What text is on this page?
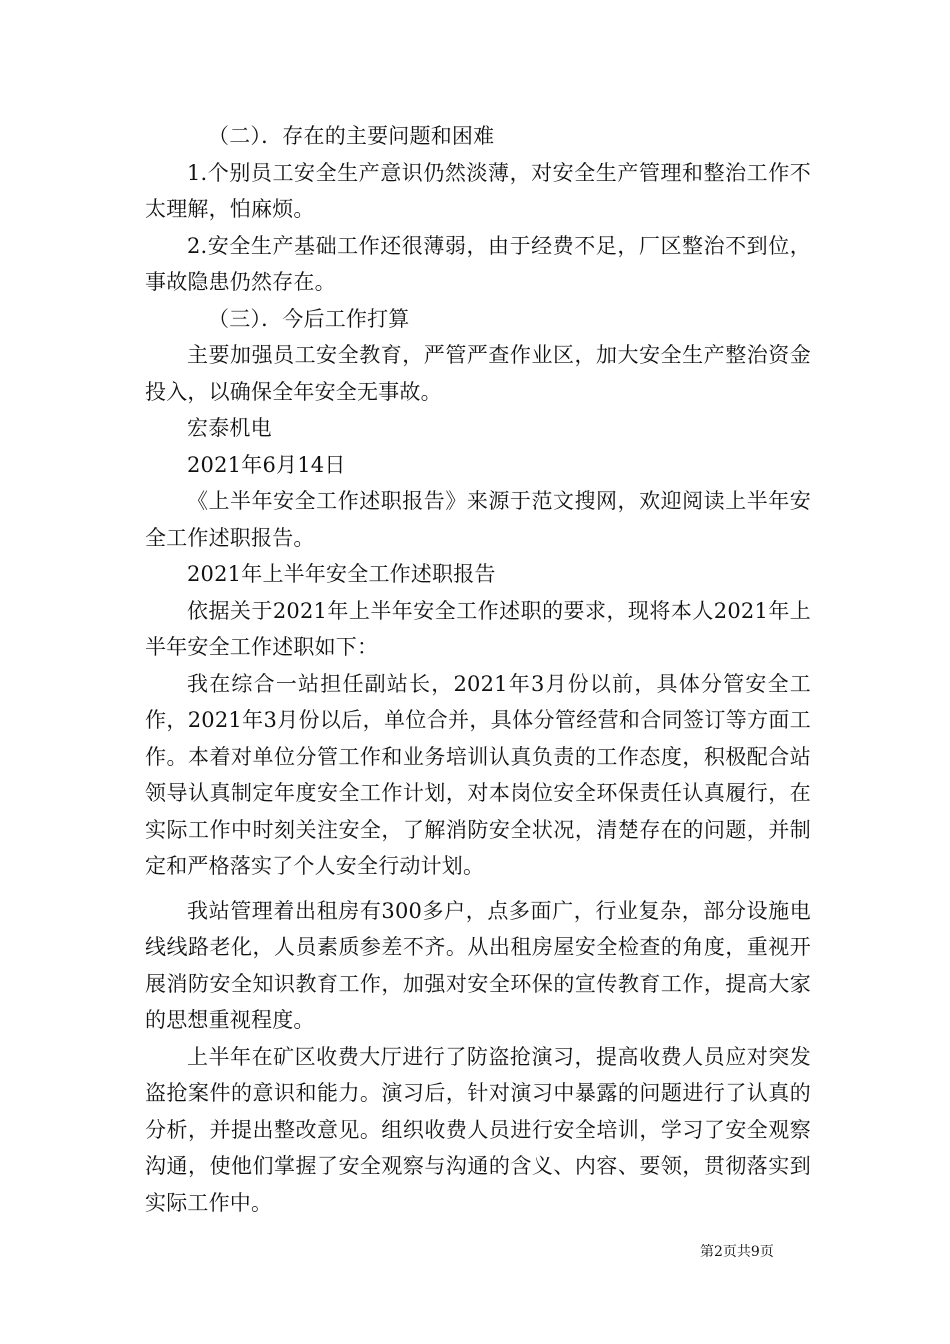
（二）．存在的主要问题和困难

1.个别员工安全生产意识仍然淡薄，对安全生产管理和整治工作不太理解，怕麻烦。

2.安全生产基础工作还很薄弱，由于经费不足，厂区整治不到位，事故隐患仍然存在。

（三）．今后工作打算

主要加强员工安全教育，严管严查作业区，加大安全生产整治资金投入，以确保全年安全无事故。

宏泰机电

2021年6月14日

《上半年安全工作述职报告》来源于范文搜网，欢迎阅读上半年安全工作述职报告。

2021年上半年安全工作述职报告

依据关于2021年上半年安全工作述职的要求，现将本人2021年上半年安全工作述职如下：

我在综合一站担任副站长，2021年3月份以前，具体分管安全工作，2021年3月份以后，单位合并，具体分管经营和合同签订等方面工作。本着对单位分管工作和业务培训认真负责的工作态度，积极配合站领导认真制定年度安全工作计划，对本岗位安全环保责任认真履行，在实际工作中时刻关注安全，了解消防安全状况，清楚存在的问题，并制定和严格落实了个人安全行动计划。

我站管理着出租房有300多户，点多面广，行业复杂，部分设施电线线路老化，人员素质参差不齐。从出租房屋安全检查的角度，重视开展消防安全知识教育工作，加强对安全环保的宣传教育工作，提高大家的思想重视程度。

上半年在矿区收费大厅进行了防盗抢演习，提高收费人员应对突发盗抢案件的意识和能力。演习后，针对演习中暴露的问题进行了认真的分析，并提出整改意见。组织收费人员进行安全培训，学习了安全观察沟通，使他们掌握了安全观察与沟通的含义、内容、要领，贯彻落实到实际工作中。

第2页共9页
